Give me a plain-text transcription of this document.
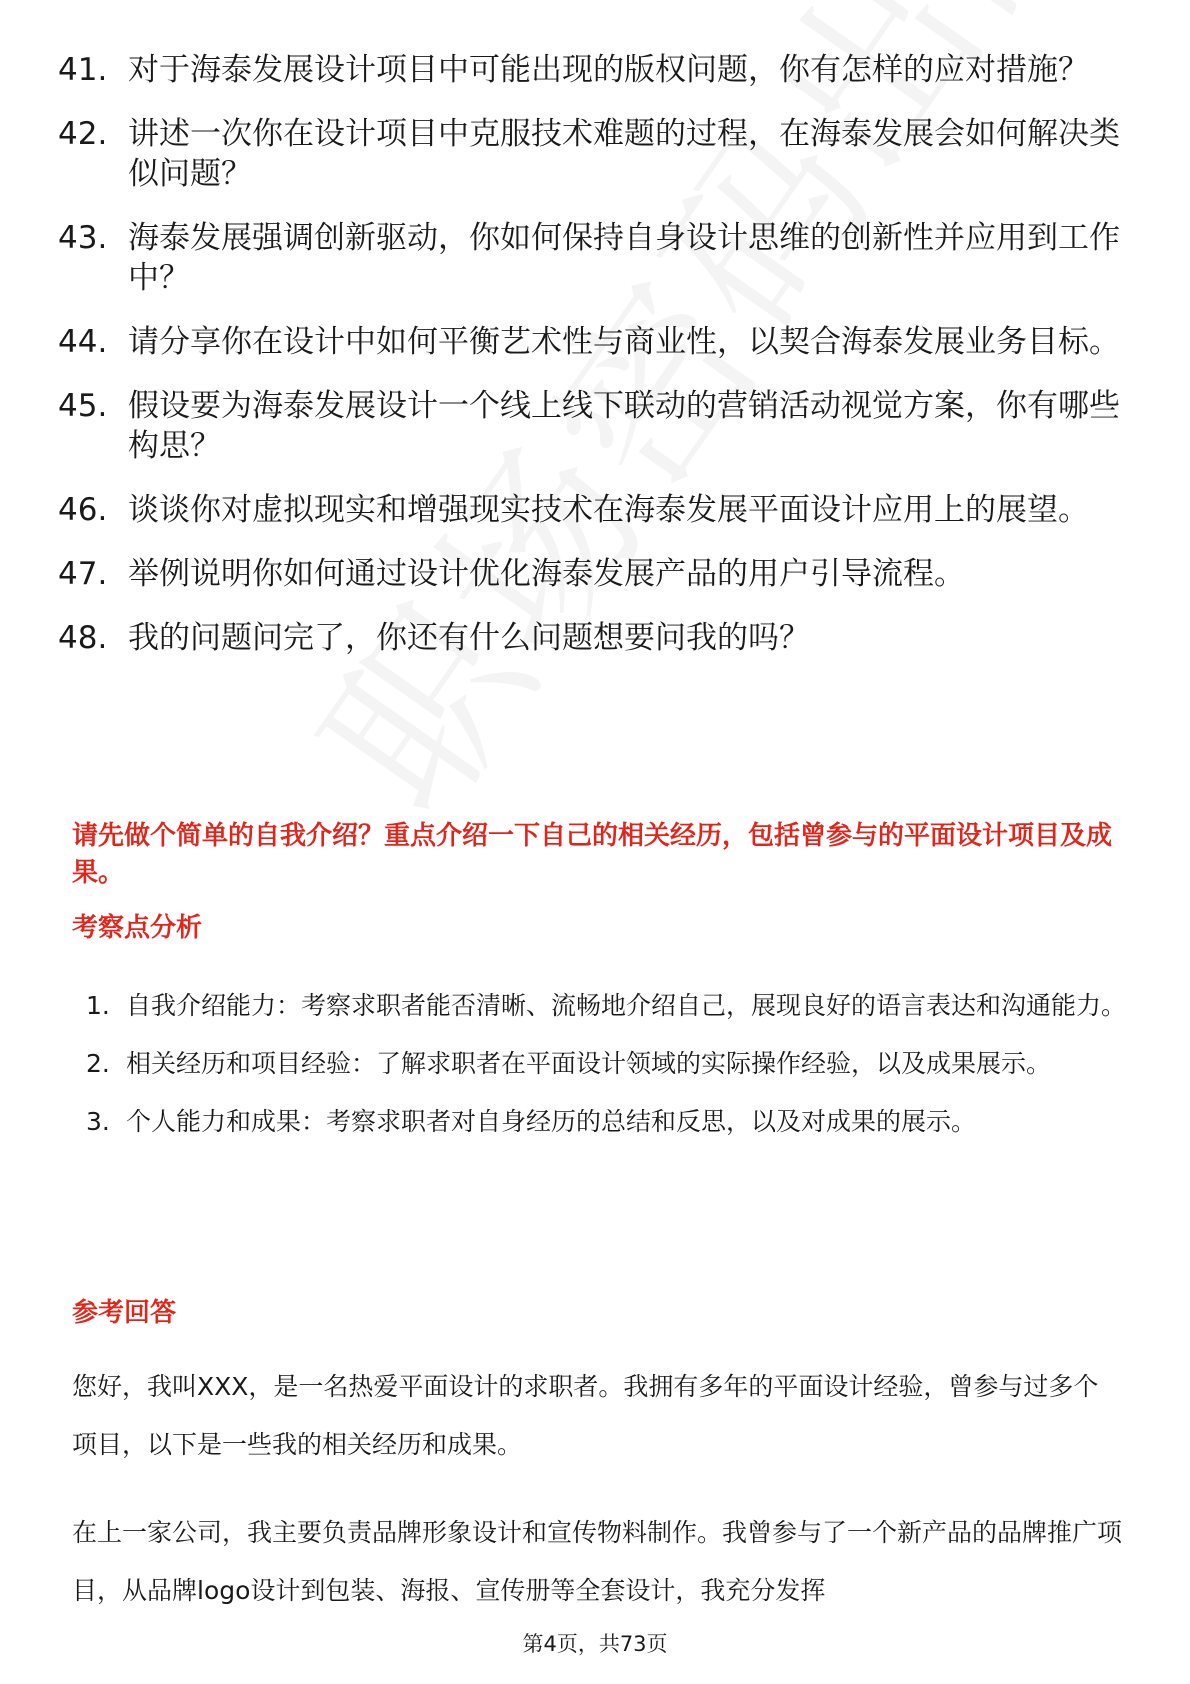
41. 对于海泰发展设计项目中可能出现的版权问题，你有怎样的应对措施？
42. 讲述一次你在设计项目中克服技术难题的过程，在海泰发展会如何解决类似问题？
43. 海泰发展强调创新驱动，你如何保持自身设计思维的创新性并应用到工作中？
44. 请分享你在设计中如何平衡艺术性与商业性，以契合海泰发展业务目标。
45. 假设要为海泰发展设计一个线上线下联动的营销活动视觉方案，你有哪些构思？
46. 谈谈你对虚拟现实和增强现实技术在海泰发展平面设计应用上的展望。
47. 举例说明你如何通过设计优化海泰发展产品的用户引导流程。
48. 我的问题问完了，你还有什么问题想要问我的吗？
请先做个简单的自我介绍？重点介绍一下自己的相关经历，包括曾参与的平面设计项目及成果。
考察点分析
1. 自我介绍能力：考察求职者能否清晰、流畅地介绍自己，展现良好的语言表达和沟通能力。
2. 相关经历和项目经验：了解求职者在平面设计领域的实际操作经验，以及成果展示。
3. 个人能力和成果：考察求职者对自身经历的总结和反思，以及对成果的展示。
参考回答

您好，我叫XXX，是一名热爱平面设计的求职者。我拥有多年的平面设计经验，曾参与过多个项目，以下是一些我的相关经历和成果。

在上一家公司，我主要负责品牌形象设计和宣传物料制作。我曾参与了一个新产品的品牌推广项目，从品牌logo设计到包装、海报、宣传册等全套设计，我充分发挥

第4页，共73页
